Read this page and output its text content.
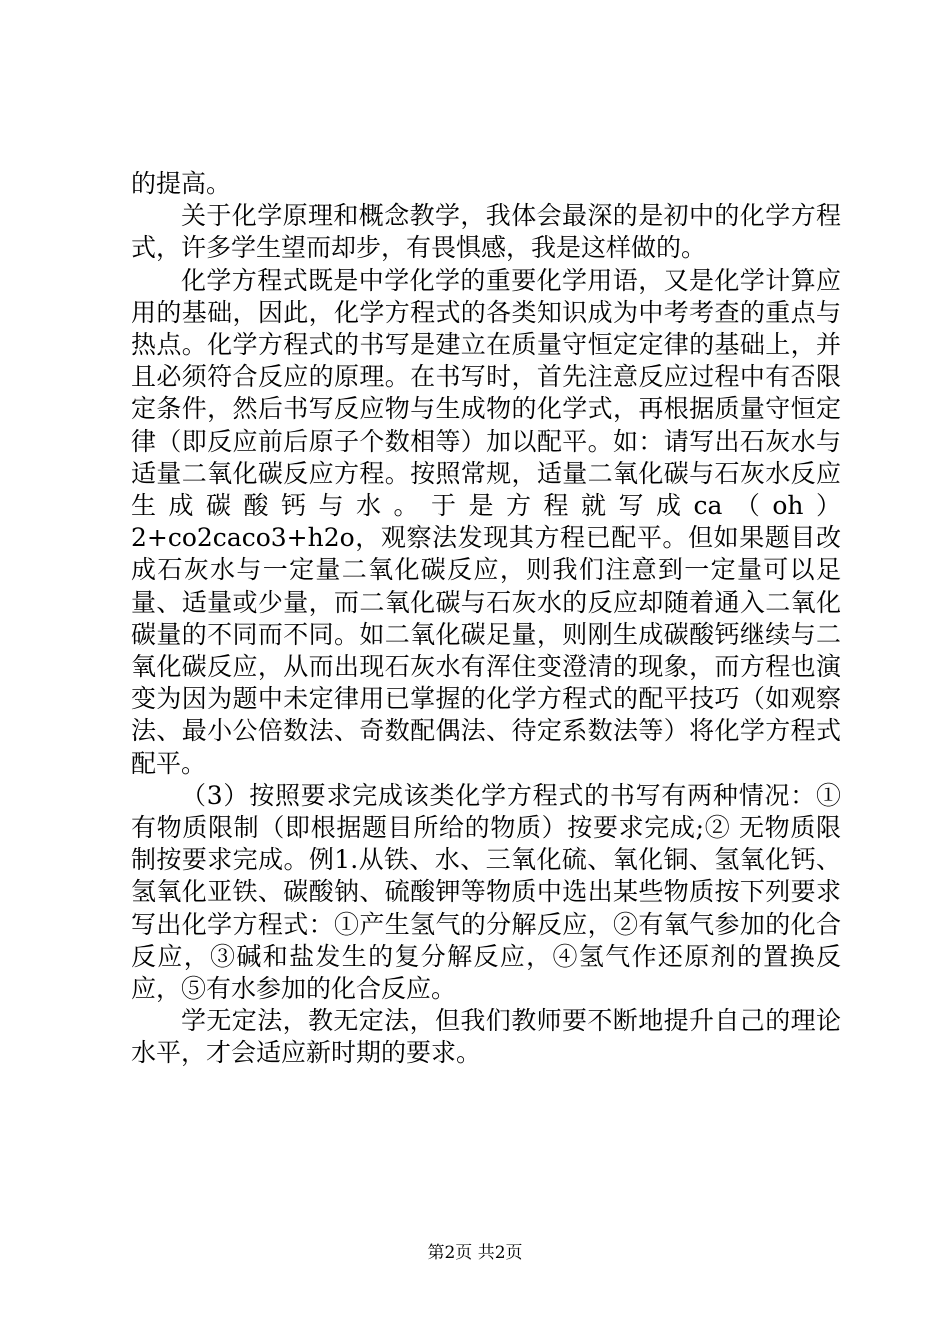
的提高。

关于化学原理和概念教学，我体会最深的是初中的化学方程式，许多学生望而却步，有畏惧感，我是这样做的。

化学方程式既是中学化学的重要化学用语，又是化学计算应用的基础，因此，化学方程式的各类知识成为中考考查的重点与热点。化学方程式的书写是建立在质量守恒定定律的基础上，并且必须符合反应的原理。在书写时，首先注意反应过程中有否限定条件，然后书写反应物与生成物的化学式，再根据质量守恒定律（即反应前后原子个数相等）加以配平。如：请写出石灰水与适量二氧化碳反应方程。按照常规，适量二氧化碳与石灰水反应生成碳酸钙与水。于是方程就写成ca（oh）2+co2caco3+h2o，观察法发现其方程已配平。但如果题目改成石灰水与一定量二氧化碳反应，则我们注意到一定量可以足量、适量或少量，而二氧化碳与石灰水的反应却随着通入二氧化碳量的不同而不同。如二氧化碳足量，则刚生成碳酸钙继续与二氧化碳反应，从而出现石灰水有浑住变澄清的现象，而方程也演变为因为题中未定律用已掌握的化学方程式的配平技巧（如观察法、最小公倍数法、奇数配偶法、待定系数法等）将化学方程式配平。

（3）按照要求完成该类化学方程式的书写有两种情况：①有物质限制（即根据题目所给的物质）按要求完成;② 无物质限制按要求完成。例1.从铁、水、三氧化硫、氧化铜、氢氧化钙、氢氧化亚铁、碳酸钠、硫酸钾等物质中选出某些物质按下列要求写出化学方程式：①产生氢气的分解反应，②有氧气参加的化合反应，③碱和盐发生的复分解反应，④氢气作还原剂的置换反应，⑤有水参加的化合反应。

学无定法，教无定法，但我们教师要不断地提升自己的理论水平，才会适应新时期的要求。

第2页 共2页
